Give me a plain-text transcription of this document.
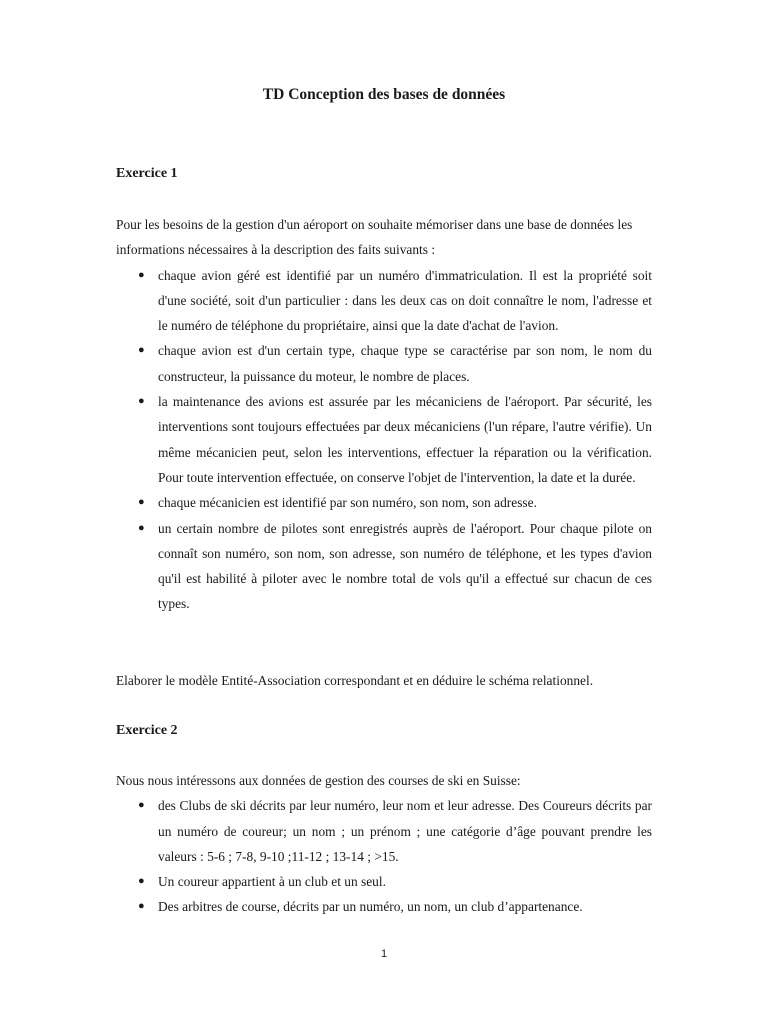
TD Conception des bases de données
Exercice 1

Pour les besoins de la gestion d'un aéroport on souhaite mémoriser dans une base de données les informations nécessaires à la description des faits suivants :

● chaque avion géré est identifié par un numéro d'immatriculation. Il est la propriété soit d'une société, soit d'un particulier : dans les deux cas on doit connaître le nom, l'adresse et le numéro de téléphone du propriétaire, ainsi que la date d'achat de l'avion.
● chaque avion est d'un certain type, chaque type se caractérise par son nom, le nom du constructeur, la puissance du moteur, le nombre de places.
● la maintenance des avions est assurée par les mécaniciens de l'aéroport. Par sécurité, les interventions sont toujours effectuées par deux mécaniciens (l'un répare, l'autre vérifie). Un même mécanicien peut, selon les interventions, effectuer la réparation ou la vérification. Pour toute intervention effectuée, on conserve l'objet de l'intervention, la date et la durée.
● chaque mécanicien est identifié par son numéro, son nom, son adresse.
● un certain nombre de pilotes sont enregistrés auprès de l'aéroport. Pour chaque pilote on connaît son numéro, son nom, son adresse, son numéro de téléphone, et les types d'avion qu'il est habilité à piloter avec le nombre total de vols qu'il a effectué sur chacun de ces types.

Elaborer le modèle Entité-Association correspondant et en déduire le schéma relationnel.

Exercice 2

Nous nous intéressons aux données de gestion des courses de ski en Suisse:

● des Clubs de ski décrits par leur numéro, leur nom et leur adresse. Des Coureurs décrits par un numéro de coureur; un nom ; un prénom ; une catégorie d’âge pouvant prendre les valeurs : 5-6 ; 7-8, 9-10 ;11-12 ; 13-14 ; >15.
● Un coureur appartient à un club et un seul.
● Des arbitres de course, décrits par un numéro, un nom, un club d’appartenance.
1
